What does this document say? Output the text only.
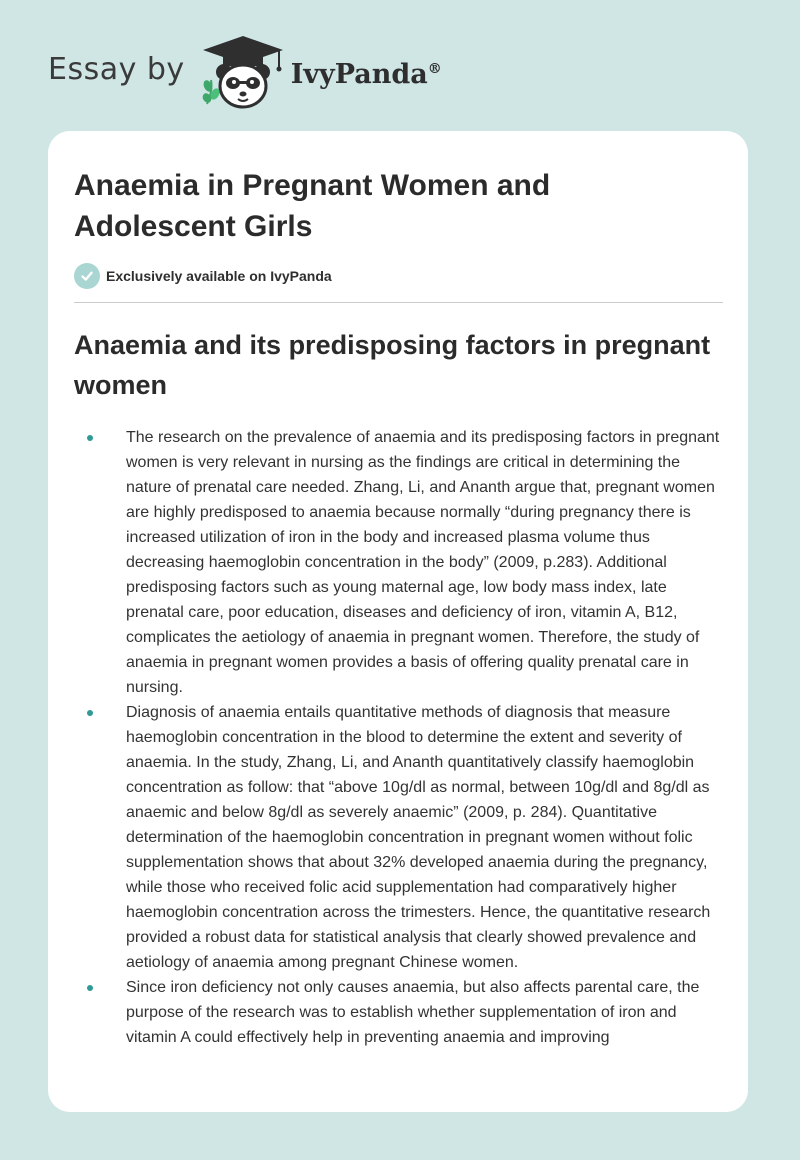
Essay by	IvyPanda®
Anaemia in Pregnant Women and Adolescent Girls
Exclusively available on IvyPanda
Anaemia and its predisposing factors in pregnant women
The research on the prevalence of anaemia and its predisposing factors in pregnant women is very relevant in nursing as the findings are critical in determining the nature of prenatal care needed. Zhang, Li, and Ananth argue that, pregnant women are highly predisposed to anaemia because normally “during pregnancy there is increased utilization of iron in the body and increased plasma volume thus decreasing haemoglobin concentration in the body” (2009, p.283). Additional predisposing factors such as young maternal age, low body mass index, late prenatal care, poor education, diseases and deficiency of iron, vitamin A, B12, complicates the aetiology of anaemia in pregnant women. Therefore, the study of anaemia in pregnant women provides a basis of offering quality prenatal care in nursing.
Diagnosis of anaemia entails quantitative methods of diagnosis that measure haemoglobin concentration in the blood to determine the extent and severity of anaemia. In the study, Zhang, Li, and Ananth quantitatively classify haemoglobin concentration as follow: that “above 10g/dl as normal, between 10g/dl and 8g/dl as anaemic and below 8g/dl as severely anaemic” (2009, p. 284). Quantitative determination of the haemoglobin concentration in pregnant women without folic supplementation shows that about 32% developed anaemia during the pregnancy, while those who received folic acid supplementation had comparatively higher haemoglobin concentration across the trimesters. Hence, the quantitative research provided a robust data for statistical analysis that clearly showed prevalence and aetiology of anaemia among pregnant Chinese women.
Since iron deficiency not only causes anaemia, but also affects parental care, the purpose of the research was to establish whether supplementation of iron and vitamin A could effectively help in preventing anaemia and improving
